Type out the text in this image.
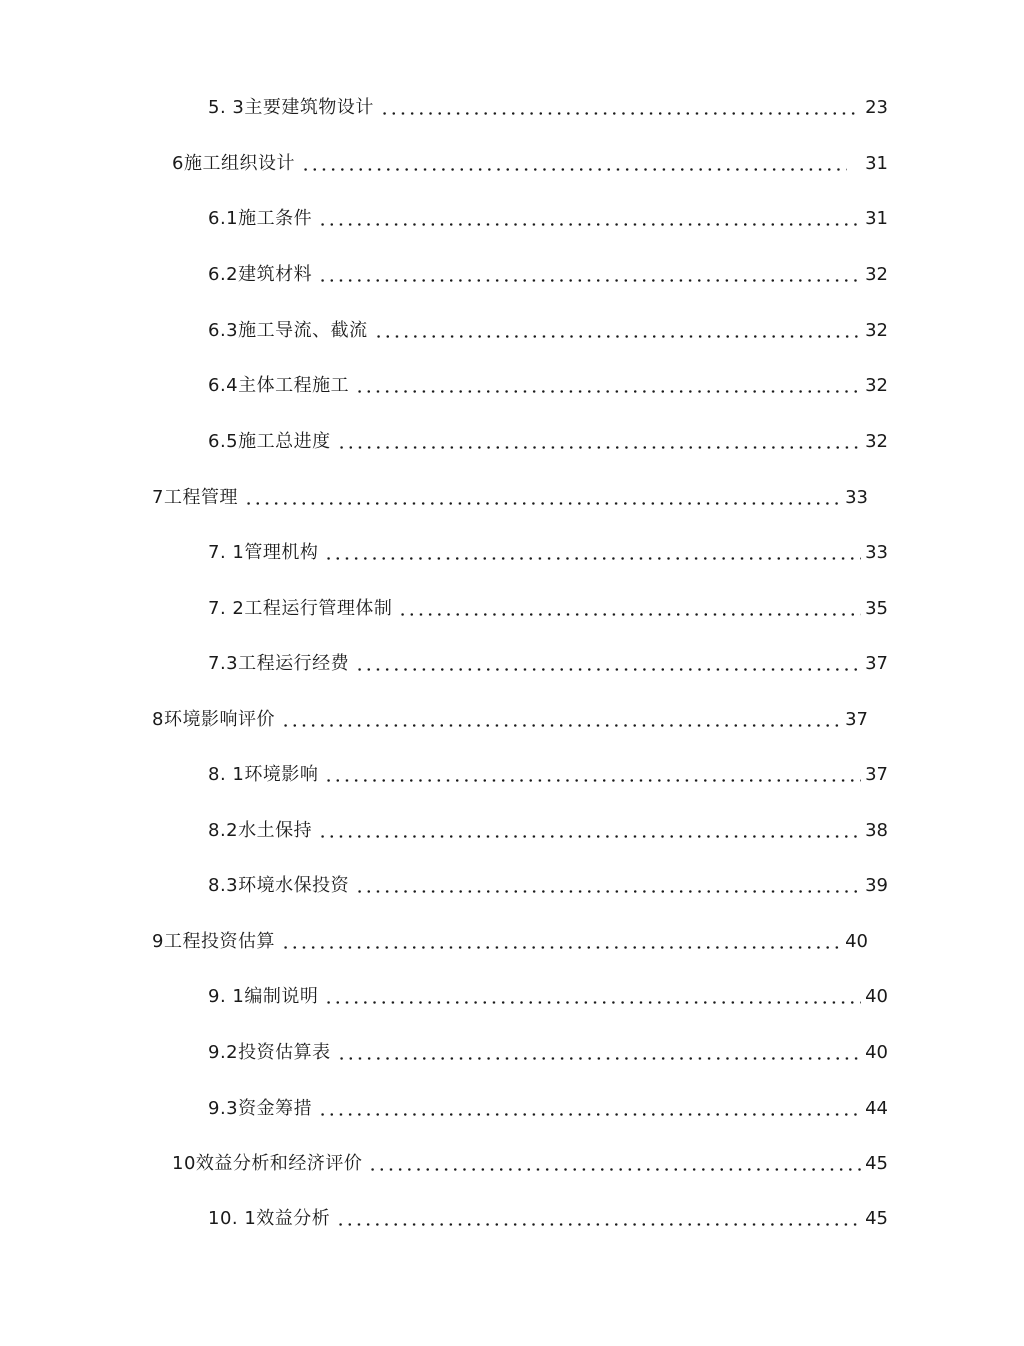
5. 3主要建筑物设计	23
6施工组织设计	31
6.1施工条件	31
6.2建筑材料	32
6.3施工导流、截流	32
6.4主体工程施工	32
6.5施工总进度	32
7工程管理	33
7. 1管理机构	33
7. 2工程运行管理体制	35
7.3工程运行经费	37
8环境影响评价	37
8. 1环境影响	37
8.2水土保持	38
8.3环境水保投资	39
9工程投资估算	40
9. 1编制说明	40
9.2投资估算表	40
9.3资金筹措	44
10效益分析和经济评价	45
10. 1效益分析	45
